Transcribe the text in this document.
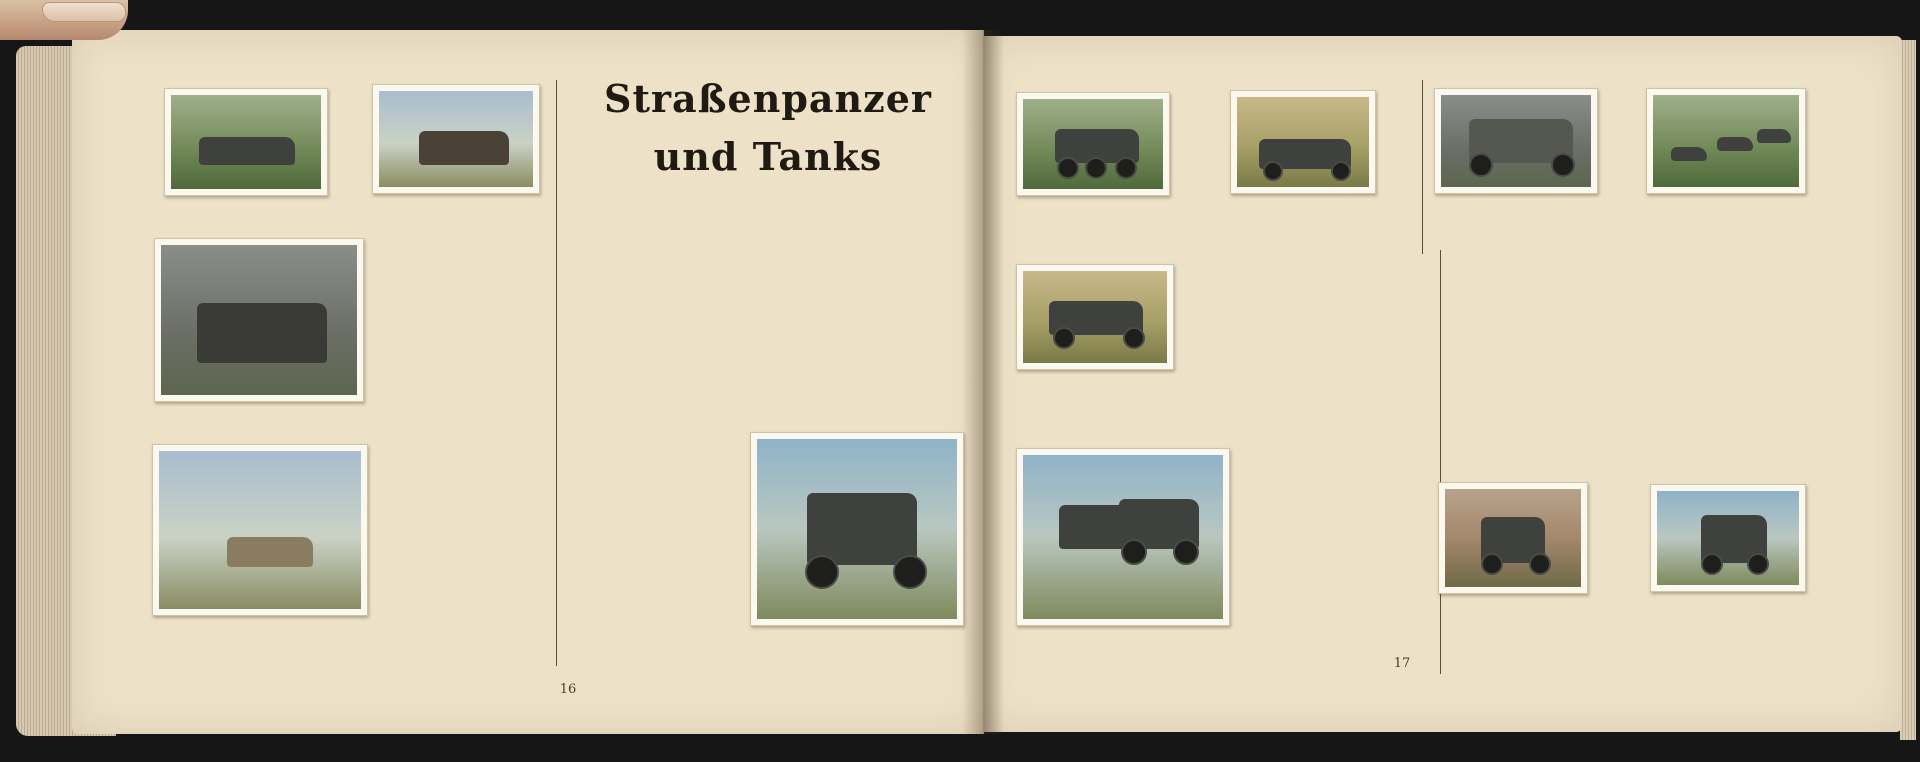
16
Straßenpanzer und Tanks
17
